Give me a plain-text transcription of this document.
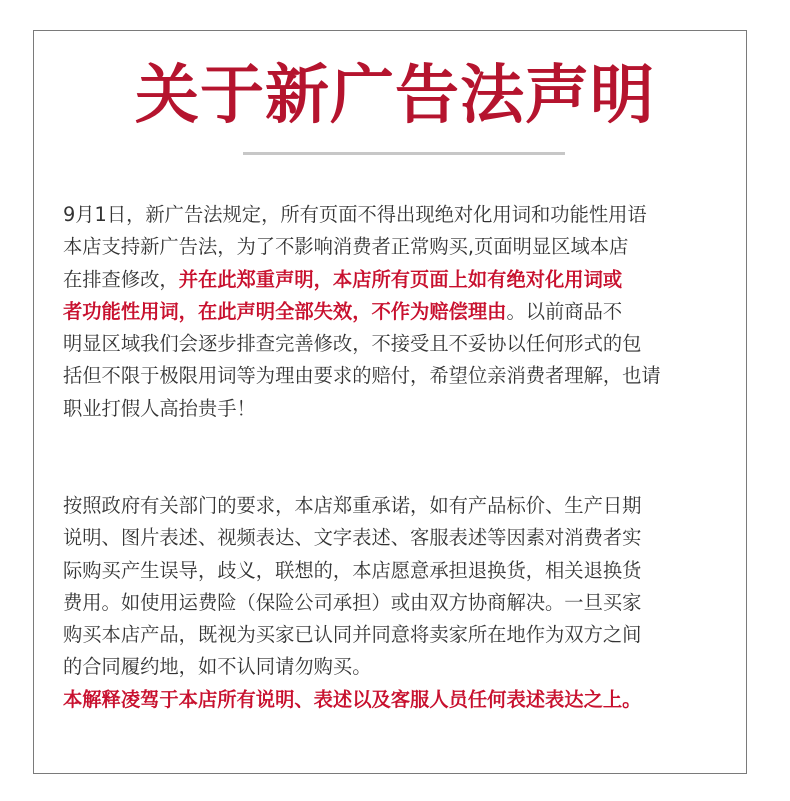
关于新广告法声明
9月1日，新广告法规定，所有页面不得出现绝对化用词和功能性用语
本店支持新广告法，为了不影响消费者正常购买,页面明显区域本店
在排查修改，并在此郑重声明，本店所有页面上如有绝对化用词或
者功能性用词，在此声明全部失效，不作为赔偿理由。以前商品不
明显区域我们会逐步排查完善修改，不接受且不妥协以任何形式的包
括但不限于极限用词等为理由要求的赔付，希望位亲消费者理解，也请
职业打假人高抬贵手！
按照政府有关部门的要求，本店郑重承诺，如有产品标价、生产日期
说明、图片表述、视频表达、文字表述、客服表述等因素对消费者实
际购买产生误导，歧义，联想的，本店愿意承担退换货，相关退换货
费用。如使用运费险（保险公司承担）或由双方协商解决。一旦买家
购买本店产品，既视为买家已认同并同意将卖家所在地作为双方之间
的合同履约地，如不认同请勿购买。
本解释凌驾于本店所有说明、表述以及客服人员任何表述表达之上。
